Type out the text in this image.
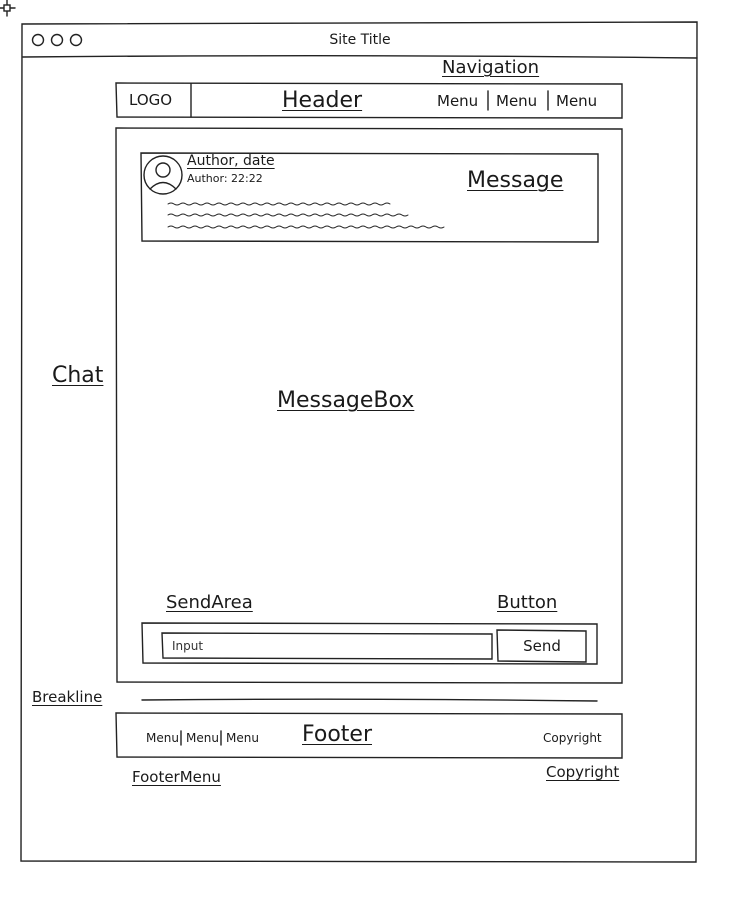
Site Title
Navigation
LOGO	Header	Menu Menu Menu
Author, date
Author: 22:22	Message
Chat
MessageBox
SendArea	Button
Input	Send
Breakline
Menu Menu Menu Footer	Copyright
FooterMenu	Copyright
